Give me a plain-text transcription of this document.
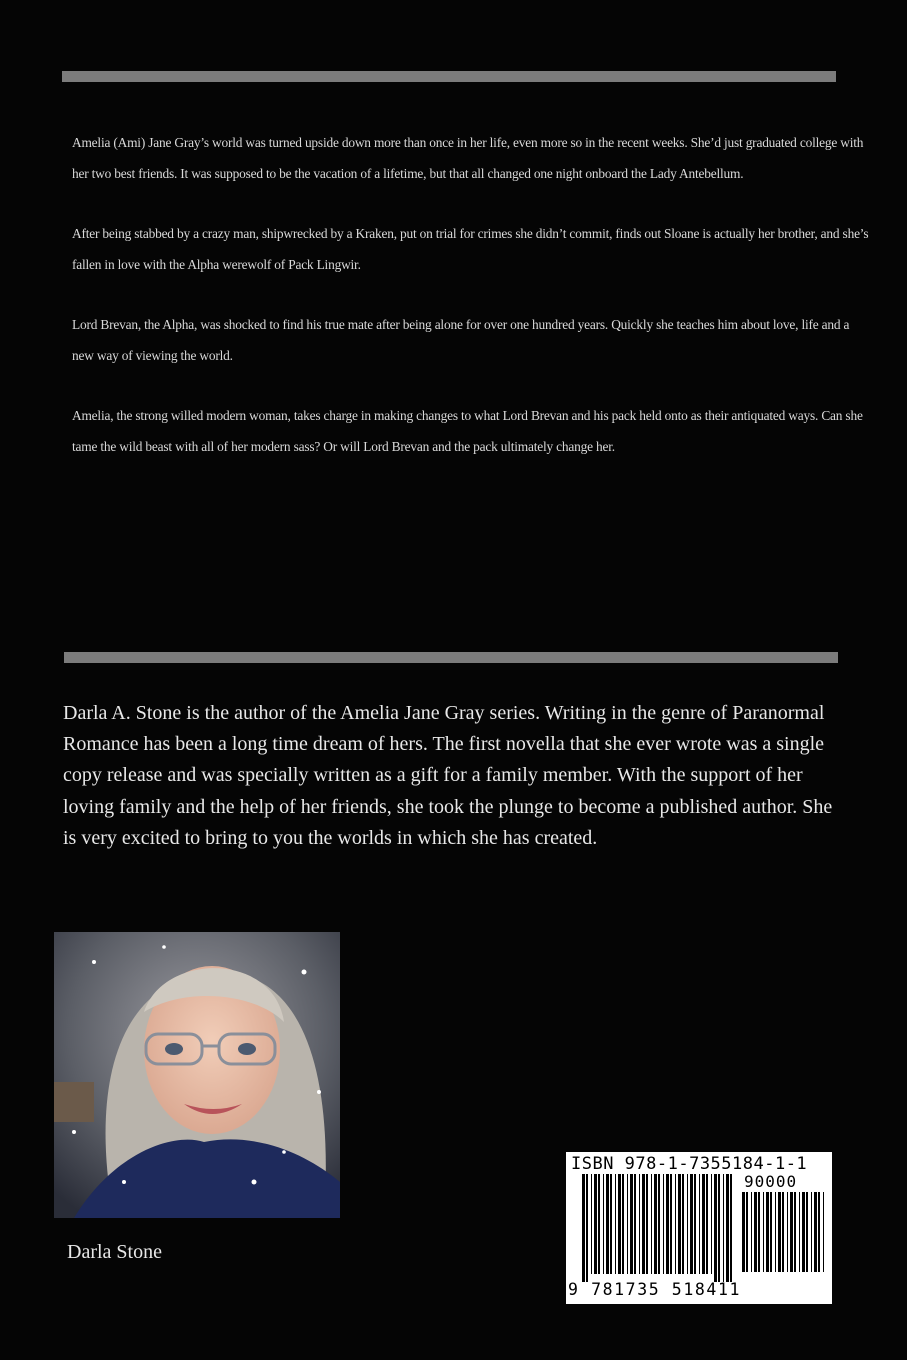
Amelia (Ami) Jane Gray’s world was turned upside down more than once in her life, even more so in the recent weeks. She’d just graduated college with her two best friends. It was supposed to be the vacation of a lifetime, but that all changed one night onboard the Lady Antebellum.

After being stabbed by a crazy man, shipwrecked by a Kraken, put on trial for crimes she didn’t commit, finds out Sloane is actually her brother, and she’s fallen in love with the Alpha werewolf of Pack Lingwir.

Lord Brevan, the Alpha, was shocked to find his true mate after being alone for over one hundred years. Quickly she teaches him about love, life and a new way of viewing the world.

Amelia, the strong willed modern woman, takes charge in making changes to what Lord Brevan and his pack held onto as their antiquated ways. Can she tame the wild beast with all of her modern sass? Or will Lord Brevan and the pack ultimately change her.

Darla A. Stone is the author of the Amelia Jane Gray series. Writing in the genre of Paranormal Romance has been a long time dream of hers. The first novella that she ever wrote was a single copy release and was specially written as a gift for a family member. With the support of her loving family and the help of her friends, she took the plunge to become a published author. She is very excited to bring to you the worlds in which she has created.
Darla Stone
ISBN 978-1-7355184-1-1
90000
9 781735 518411
